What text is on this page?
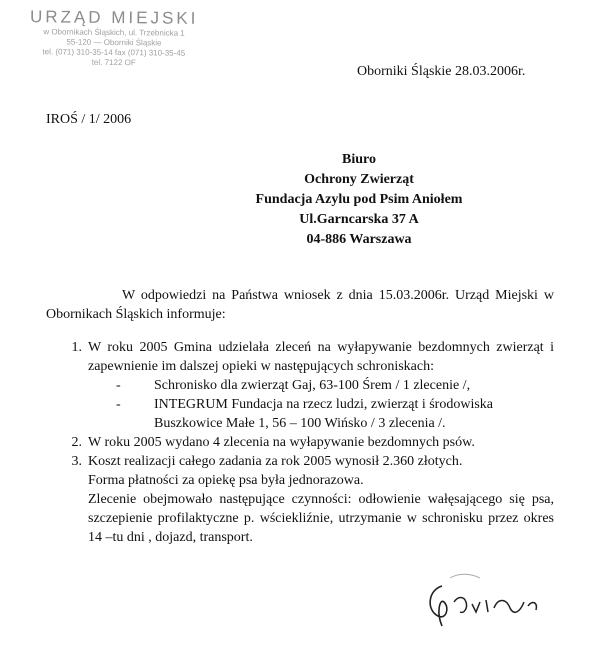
URZĄD MIEJSKI
w Obornikach Śląskich, ul. Trzebnicka 1
55-120 — Oborniki Śląskie
tel. (071) 310-35-14 fax (071) 310-35-45
tel. 7122 OF
Oborniki Śląskie 28.03.2006r.
IROŚ / 1/ 2006
Biuro
Ochrony Zwierząt
Fundacja Azylu pod Psim Aniołem
Ul.Garncarska 37 A
04-886 Warszawa

W odpowiedzi na Państwa wniosek z dnia 15.03.2006r. Urząd Miejski w Obornikach Śląskich informuje:

1. W roku 2005 Gmina udzielała zleceń na wyłapywanie bezdomnych zwierząt i zapewnienie im dalszej opieki w następujących schroniskach:
-	Schronisko dla zwierząt Gaj, 63-100 Śrem / 1 zlecenie /,
-	INTEGRUM Fundacja na rzecz ludzi, zwierząt i środowiska Buszkowice Małe 1, 56 – 100 Wińsko / 3 zlecenia /.
2. W roku 2005 wydano 4 zlecenia na wyłapywanie bezdomnych psów.
3. Koszt realizacji całego zadania za rok 2005 wynosił 2.360 złotych.
Forma płatności za opiekę psa była jednorazowa.
Zlecenie obejmowało następujące czynności: odłowienie wałęsającego się psa, szczepienie profilaktyczne p. wściekliźnie, utrzymanie w schronisku przez okres 14 –tu dni , dojazd, transport.
